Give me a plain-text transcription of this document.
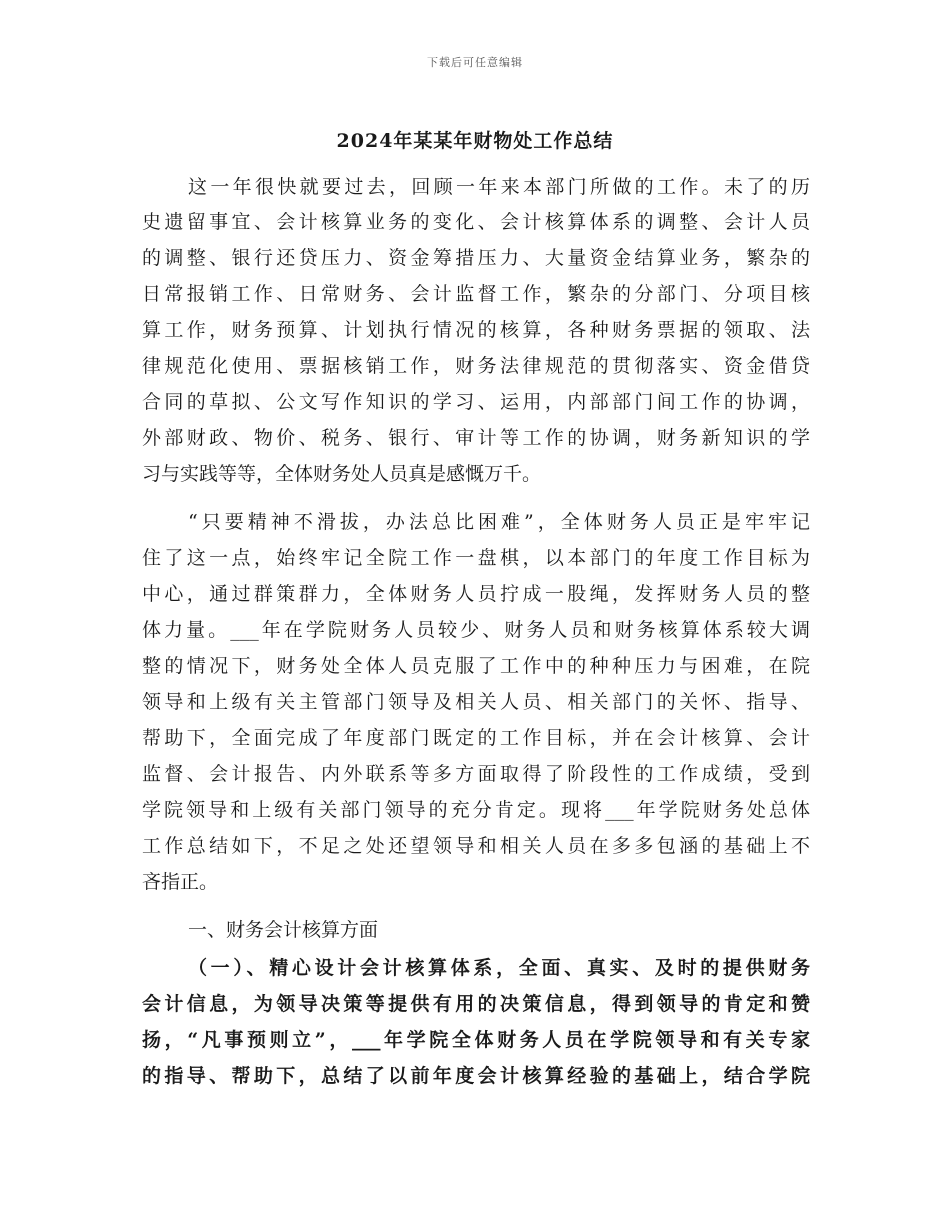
下载后可任意编辑
2024年某某年财物处工作总结
这一年很快就要过去，回顾一年来本部门所做的工作。未了的历
史遗留事宜、会计核算业务的变化、会计核算体系的调整、会计人员
的调整、银行还贷压力、资金筹措压力、大量资金结算业务，繁杂的
日常报销工作、日常财务、会计监督工作，繁杂的分部门、分项目核
算工作，财务预算、计划执行情况的核算，各种财务票据的领取、法
律规范化使用、票据核销工作，财务法律规范的贯彻落实、资金借贷
合同的草拟、公文写作知识的学习、运用，内部部门间工作的协调，
外部财政、物价、税务、银行、审计等工作的协调，财务新知识的学
习与实践等等，全体财务处人员真是感慨万千。
“只要精神不滑拔，办法总比困难”，全体财务人员正是牢牢记
住了这一点，始终牢记全院工作一盘棋，以本部门的年度工作目标为
中心，通过群策群力，全体财务人员拧成一股绳，发挥财务人员的整
体力量。___年在学院财务人员较少、财务人员和财务核算体系较大调
整的情况下，财务处全体人员克服了工作中的种种压力与困难，在院
领导和上级有关主管部门领导及相关人员、相关部门的关怀、指导、
帮助下，全面完成了年度部门既定的工作目标，并在会计核算、会计
监督、会计报告、内外联系等多方面取得了阶段性的工作成绩，受到
学院领导和上级有关部门领导的充分肯定。现将___年学院财务处总体
工作总结如下，不足之处还望领导和相关人员在多多包涵的基础上不
吝指正。
一、财务会计核算方面
（一）、精心设计会计核算体系，全面、真实、及时的提供财务
会计信息，为领导决策等提供有用的决策信息，得到领导的肯定和赞
扬，“凡事预则立”，___年学院全体财务人员在学院领导和有关专家
的指导、帮助下，总结了以前年度会计核算经验的基础上，结合学院
